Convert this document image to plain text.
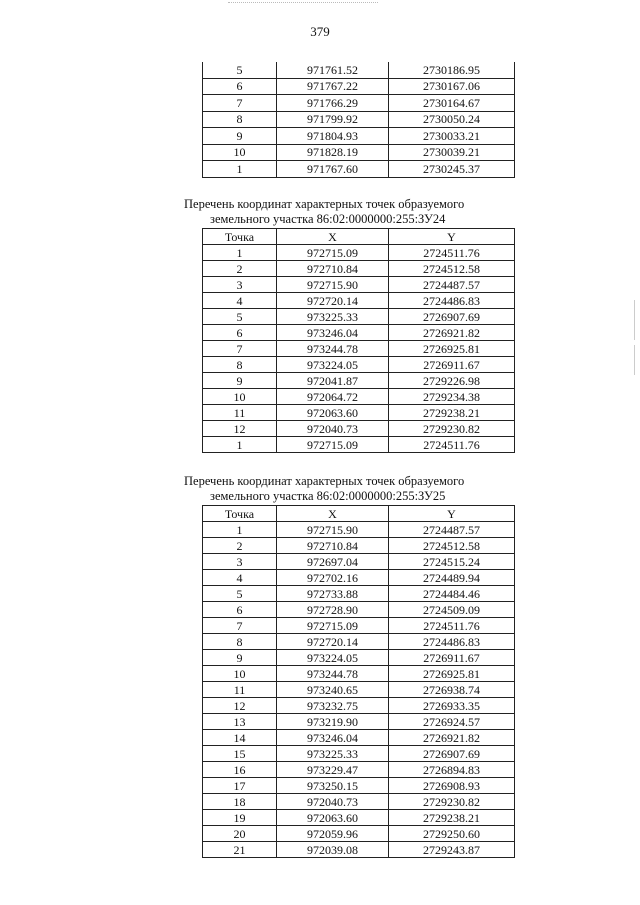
379
5	971761.52	2730186.95
6	971767.22	2730167.06
7	971766.29	2730164.67
8	971799.92	2730050.24
9	971804.93	2730033.21
10	971828.19	2730039.21
1	971767.60	2730245.37
Перечень координат характерных точек образуемого
земельного участка 86:02:0000000:255:ЗУ24
Точка	X	Y
1	972715.09	2724511.76
2	972710.84	2724512.58
3	972715.90	2724487.57
4	972720.14	2724486.83
5	973225.33	2726907.69
6	973246.04	2726921.82
7	973244.78	2726925.81
8	973224.05	2726911.67
9	972041.87	2729226.98
10	972064.72	2729234.38
11	972063.60	2729238.21
12	972040.73	2729230.82
1	972715.09	2724511.76
Перечень координат характерных точек образуемого
земельного участка 86:02:0000000:255:ЗУ25
Точка	X	Y
1	972715.90	2724487.57
2	972710.84	2724512.58
3	972697.04	2724515.24
4	972702.16	2724489.94
5	972733.88	2724484.46
6	972728.90	2724509.09
7	972715.09	2724511.76
8	972720.14	2724486.83
9	973224.05	2726911.67
10	973244.78	2726925.81
11	973240.65	2726938.74
12	973232.75	2726933.35
13	973219.90	2726924.57
14	973246.04	2726921.82
15	973225.33	2726907.69
16	973229.47	2726894.83
17	973250.15	2726908.93
18	972040.73	2729230.82
19	972063.60	2729238.21
20	972059.96	2729250.60
21	972039.08	2729243.87
